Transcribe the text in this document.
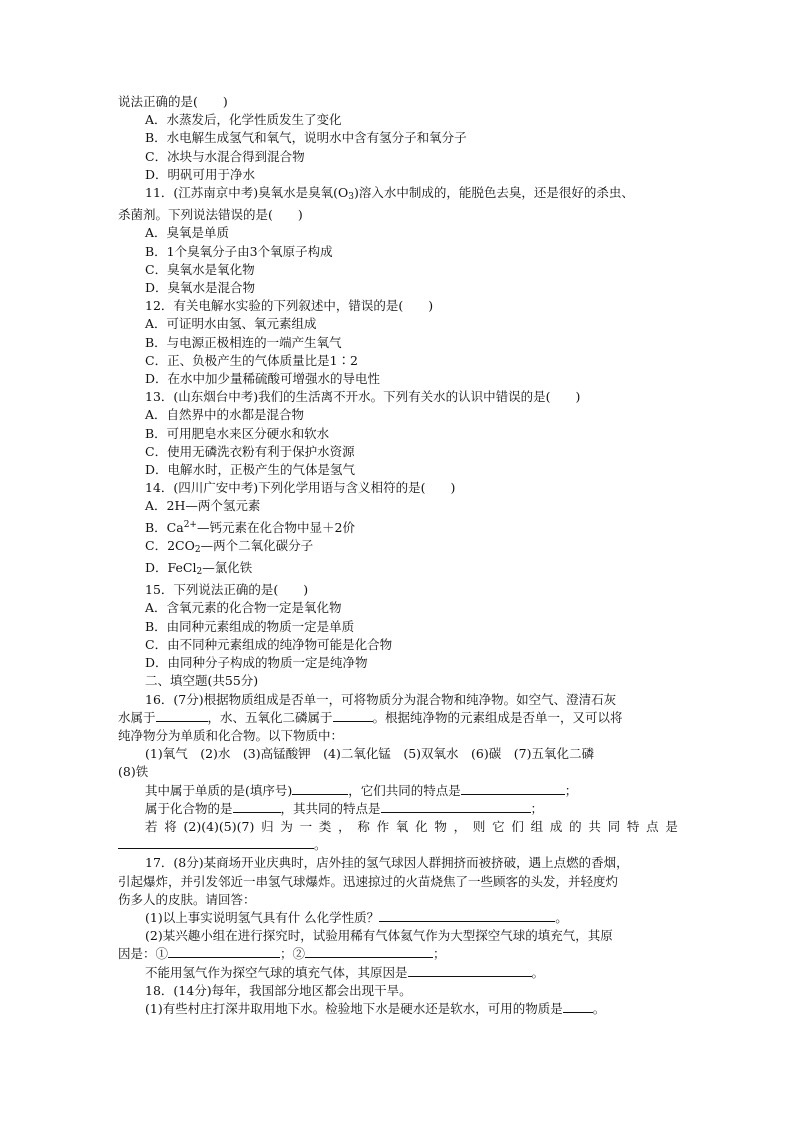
说法正确的是(　　)
A．水蒸发后，化学性质发生了变化
B．水电解生成氢气和氧气，说明水中含有氢分子和氧分子
C．冰块与水混合得到混合物
D．明矾可用于净水
11．(江苏南京中考)臭氧水是臭氧$(O_3)$溶入水中制成的，能脱色去臭，还是很好的杀虫、
杀菌剂。下列说法错误的是(　　)
A．臭氧是单质
B．1个臭氧分子由3个氧原子构成
C．臭氧水是氧化物
D．臭氧水是混合物
12．有关电解水实验的下列叙述中，错误的是(　　)
A．可证明水由氢、氧元素组成
B．与电源正极相连的一端产生氧气
C．正、负极产生的气体质量比是1∶2
D．在水中加少量稀硫酸可增强水的导电性
13．(山东烟台中考)我们的生活离不开水。下列有关水的认识中错误的是(　　)
A．自然界中的水都是混合物
B．可用肥皂水来区分硬水和软水
C．使用无磷洗衣粉有利于保护水资源
D．电解水时，正极产生的气体是氢气
14．(四川广安中考)下列化学用语与含义相符的是(　　)
A．2H—两个氢元素
B．$Ca^{2+}—$钙元素在化合物中显＋2价
C．$2CO_2—$两个二氧化碳分子
D．FeCl$_2$—氯化铁
15．下列说法正确的是(　　)
A．含氧元素的化合物一定是氧化物
B．由同种元素组成的物质一定是单质
C．由不同种元素组成的纯净物可能是化合物
D．由同种分子构成的物质一定是纯净物
二、填空题(共55分)
16．(7分)根据物质组成是否单一，可将物质分为混合物和纯净物。如空气、澄清石灰
水属于	，水、五氧化二磷属于	。根据纯净物的元素组成是否单一，又可以将
纯净物分为单质和化合物。以下物质中：
(1)氧气　(2)水　(3)高锰酸钾　(4)二氧化锰　(5)双氧水　(6)碳　(7)五氧化二磷
(8)铁
其中属于单质的是(填序号)	，它们共同的特点是	；
属于化合物的是	，其共同的特点是	；
若 将 (2)(4)(5)(7) 归 为 一 类 ， 称 作 氧 化 物 ， 则 它 们 组 成 的 共 同 特 点 是
。
17．(8分)某商场开业庆典时，店外挂的氢气球因人群拥挤而被挤破，遇上点燃的香烟，
引起爆炸，并引发邻近一串氢气球爆炸。迅速掠过的火苗烧焦了一些顾客的头发，并轻度灼
伤多人的皮肤。请回答：
(1)以上事实说明氢气具有什 么化学性质？	。
(2)某兴趣小组在进行探究时，试验用稀有气体氦气作为大型探空气球的填充气，其原
因是：①	；②	；
不能用氢气作为探空气球的填充气体，其原因是	。
18．(14分)每年，我国部分地区都会出现干旱。
(1)有些村庄打深井取用地下水。检验地下水是硬水还是软水，可用的物质是 。
